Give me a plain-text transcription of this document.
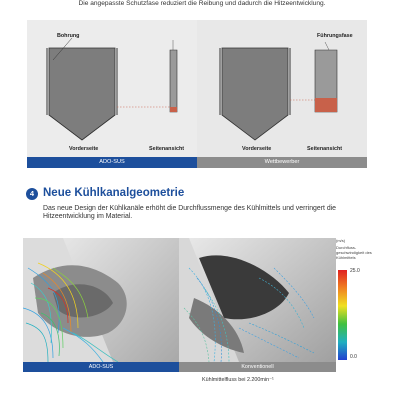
Die angepasste Schutzfase reduziert die Reibung und dadurch die Hitzeentwicklung.
Bohrung
Vorderseite	Seitenansicht
ADO-SUS
Führungsfase
Vorderseite	Seitenansicht
Wettbewerber
4 Neue Kühlkanalgeometrie
Das neue Design der Kühlkanäle erhöht die Durchflussmenge des Kühlmittels und verringert die Hitzeentwicklung im Material.
ADO-SUS	Konventionell
(m/s)
Durchfluss-geschwindigkeit des Kühlmittels
25.0
0.0
Kühlmittelfluss bei 2.200min⁻¹
